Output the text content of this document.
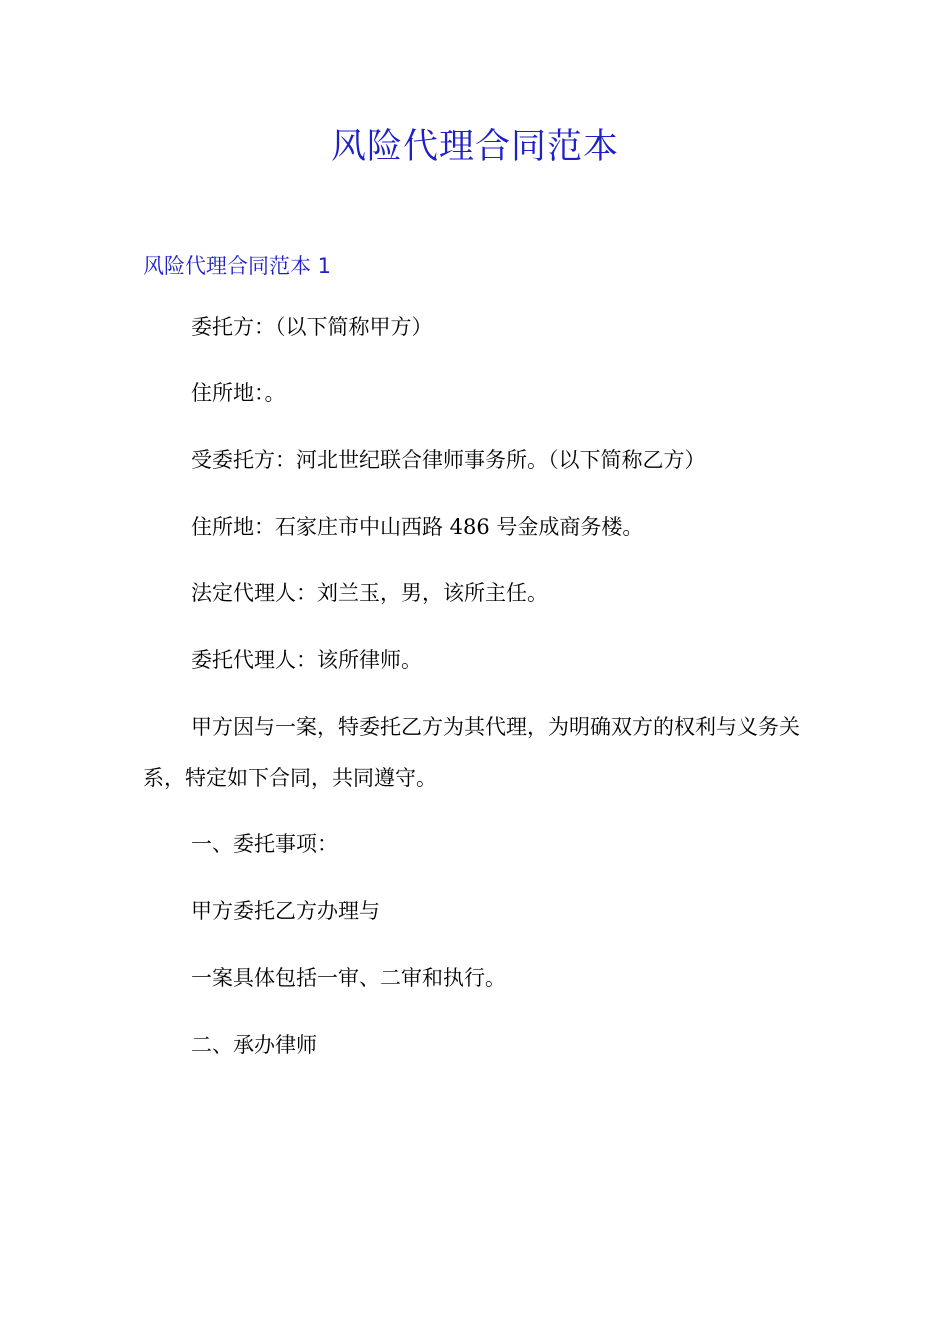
风险代理合同范本
风险代理合同范本 1

委托方：（以下简称甲方）

住所地：。

受委托方：河北世纪联合律师事务所。（以下简称乙方）

住所地：石家庄市中山西路 486 号金成商务楼。

法定代理人：刘兰玉，男，该所主任。

委托代理人：该所律师。

甲方因与一案，特委托乙方为其代理，为明确双方的权利与义务关系，特定如下合同，共同遵守。

一、委托事项：

甲方委托乙方办理与

一案具体包括一审、二审和执行。

二、承办律师
